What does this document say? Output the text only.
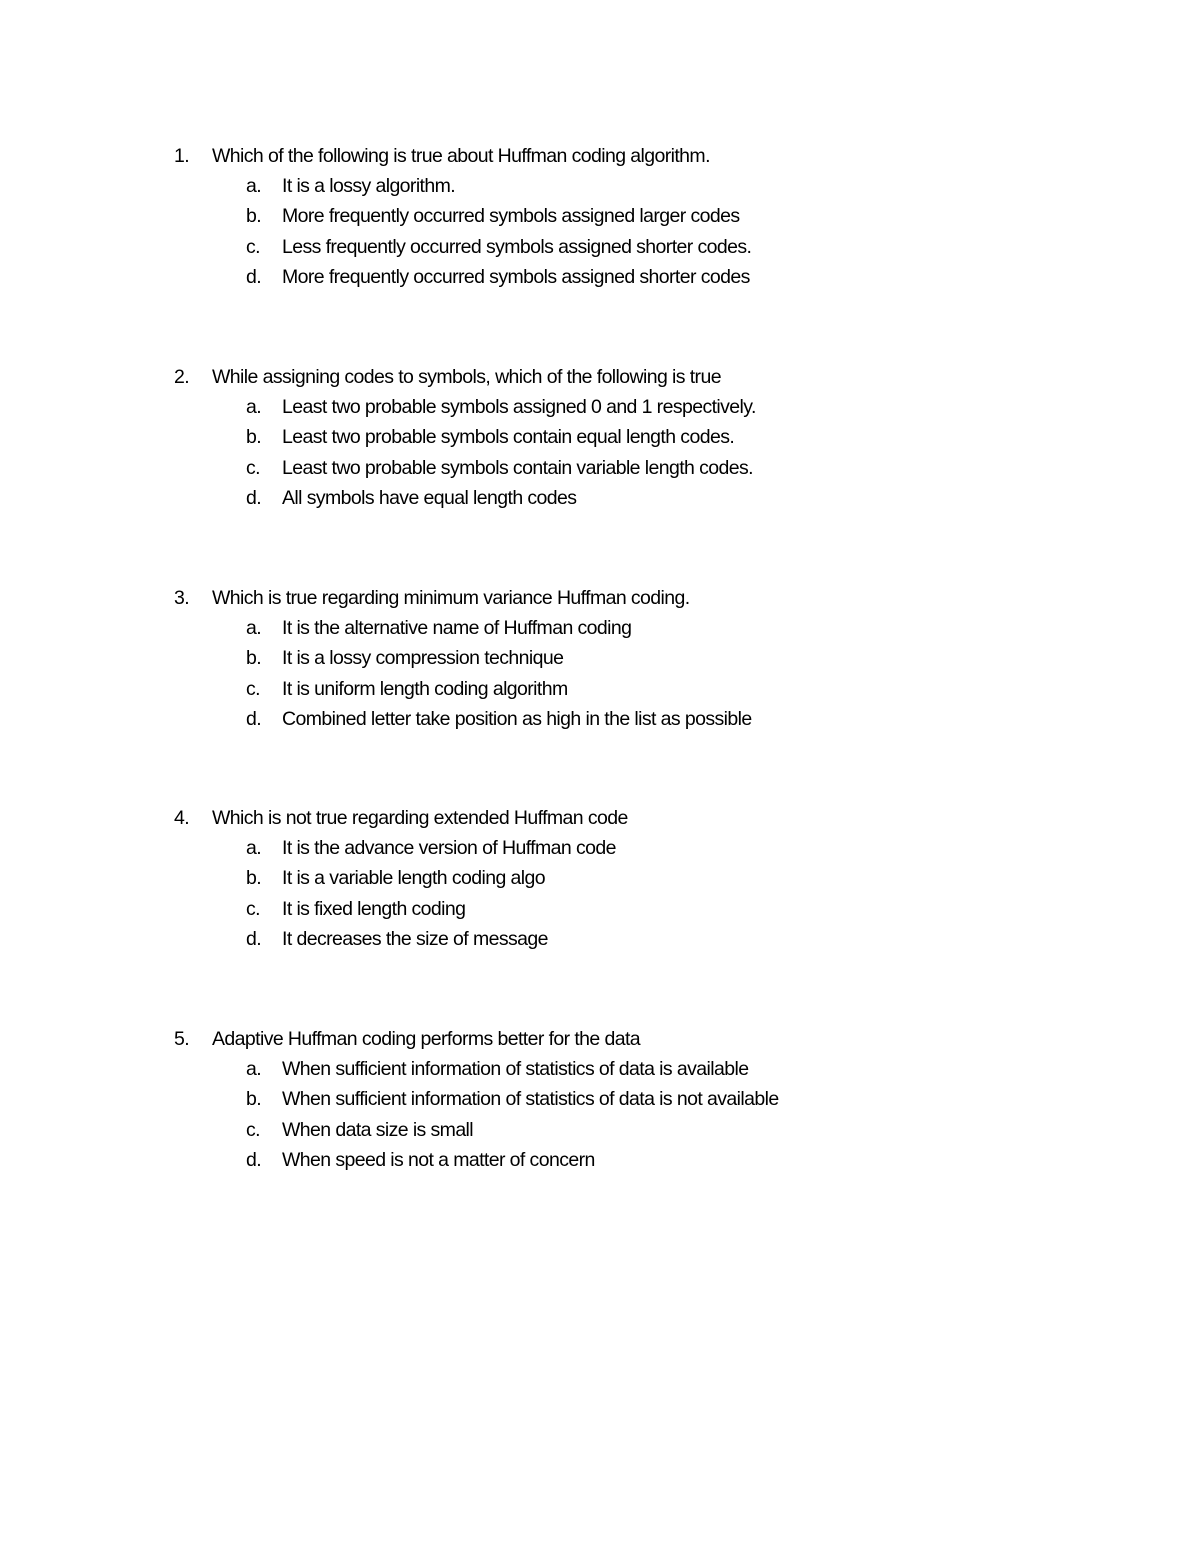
1. Which of the following is true about Huffman coding algorithm.
a. It is a lossy algorithm.
b. More frequently occurred symbols assigned larger codes
c. Less frequently occurred symbols assigned shorter codes.
d. More frequently occurred symbols assigned shorter codes
2. While assigning codes to symbols, which of the following is true
a. Least two probable symbols assigned 0 and 1 respectively.
b. Least two probable symbols contain equal length codes.
c. Least two probable symbols contain variable length codes.
d. All symbols have equal length codes
3. Which is true regarding minimum variance Huffman coding.
a. It is the alternative name of Huffman coding
b. It is a lossy compression technique
c. It is uniform length coding algorithm
d. Combined letter take position as high in the list as possible
4. Which is not true regarding extended Huffman code
a. It is the advance version of Huffman code
b. It is a variable length coding algo
c. It is fixed length coding
d. It decreases the size of message
5. Adaptive Huffman coding performs better for the data
a. When sufficient information of statistics of data is available
b. When sufficient information of statistics of data is not available
c. When data size is small
d. When speed is not a matter of concern
